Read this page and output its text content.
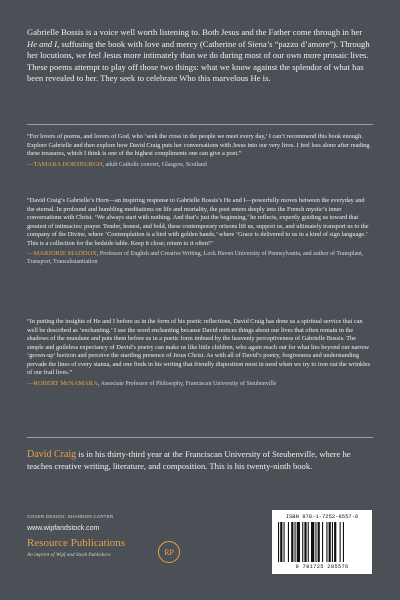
Gabrielle Bossis is a voice well worth listening to. Both Jesus and the Father come through in her He and I, suffusing the book with love and mercy (Catherine of Siena’s “pazzo d’amore”). Through her locutions, we feel Jesus more intimately than we do during most of our own more prosaic lives. These poems attempt to play off those two things: what we know against the splendor of what has been revealed to her. They seek to celebrate Who this marvelous He is.
“For lovers of poems, and lovers of God, who ‘seek the cross in the people we meet every day,’ I can’t recommend this book enough. Explore Gabrielle and then explore how David Craig puts her conversations with Jesus into our very lives. I feel less alone after reading these treasures, which I think is one of the highest compliments one can give a poet.”
—TAMARA HORSBURGH, adult Catholic convert, Glasgow, Scotland
“David Craig’s Gabrielle’s Horn—an inspiring response to Gabrielle Bossis’s He and I—powerfully moves between the everyday and the eternal. In profound and humbling meditations on life and mortality, the poet enters deeply into the French mystic’s inner conversations with Christ. ‘We always start with nothing. And that’s just the beginning,’ he reflects, expertly guiding us toward that greatest of intimacies: prayer. Tender, honest, and bold, these contemporary orisons lift us, support us, and ultimately transport us to the company of the Divine, where ‘Contemplation is a bird with golden hands,’ where ‘Grace is delivered to us in a kind of sign language.’ This is a collection for the bedside table. Keep it close; return to it often!”
—MARJORIE MADDOX, Professor of English and Creative Writing, Lock Haven University of Pennsylvania, and author of Transplant, Transport, Transubstantiation
“In putting the insights of He and I before us in the form of his poetic reflections, David Craig has done us a spiritual service that can well be described as ‘enchanting.’ I use the word enchanting because David notices things about our lives that often remain in the shadows of the mundane and puts them before us in a poetic form imbued by the heavenly perceptiveness of Gabrielle Bossis. The simple and guileless expectancy of David’s poetry can make us like little children, who again reach out for what lies beyond our narrow ‘grown-up’ horizon and perceive the startling presence of Jesus Christ. As with all of David’s poetry, forgiveness and understanding pervade the lines of every stanza, and one finds in his writing that friendly disposition most in need when we try to iron out the wrinkles of our frail lives.”
—ROBERT McNAMARA, Associate Professor of Philosophy, Franciscan University of Steubenville
David Craig is in his thirty-third year at the Franciscan University of Steubenville, where he teaches creative writing, literature, and composition. This is his twenty-ninth book.
COVER DESIGN: SHANNON CARTER
www.wipfandstock.com
Resource Publications
An imprint of Wipf and Stock Publishers	RP
ISBN 978-1-7252-8557-6
9 781725 285576
